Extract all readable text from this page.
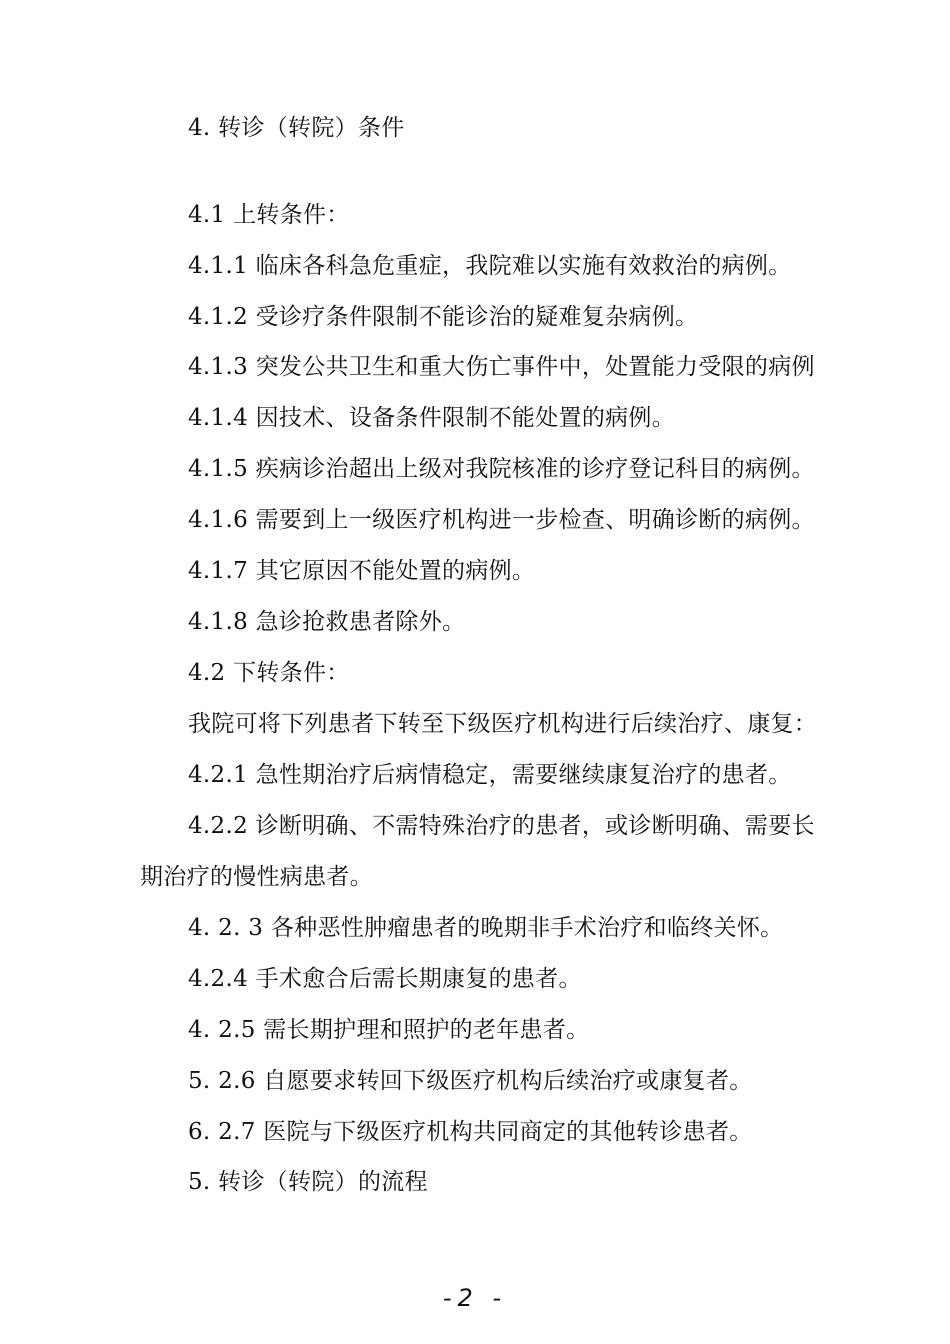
4. 转诊（转院）条件
4.1 上转条件：
4.1.1 临床各科急危重症，我院难以实施有效救治的病例。
4.1.2 受诊疗条件限制不能诊治的疑难复杂病例。
4.1.3 突发公共卫生和重大伤亡事件中，处置能力受限的病例
4.1.4 因技术、设备条件限制不能处置的病例。
4.1.5 疾病诊治超出上级对我院核准的诊疗登记科目的病例。
4.1.6 需要到上一级医疗机构进一步检查、明确诊断的病例。
4.1.7 其它原因不能处置的病例。
4.1.8 急诊抢救患者除外。
4.2 下转条件：
我院可将下列患者下转至下级医疗机构进行后续治疗、康复：
4.2.1 急性期治疗后病情稳定，需要继续康复治疗的患者。
4.2.2 诊断明确、不需特殊治疗的患者，或诊断明确、需要长
期治疗的慢性病患者。
4. 2. 3 各种恶性肿瘤患者的晚期非手术治疗和临终关怀。
4.2.4 手术愈合后需长期康复的患者。
4. 2.5 需长期护理和照护的老年患者。
5. 2.6 自愿要求转回下级医疗机构后续治疗或康复者。
6. 2.7 医院与下级医疗机构共同商定的其他转诊患者。
5. 转诊（转院）的流程
-2 -
